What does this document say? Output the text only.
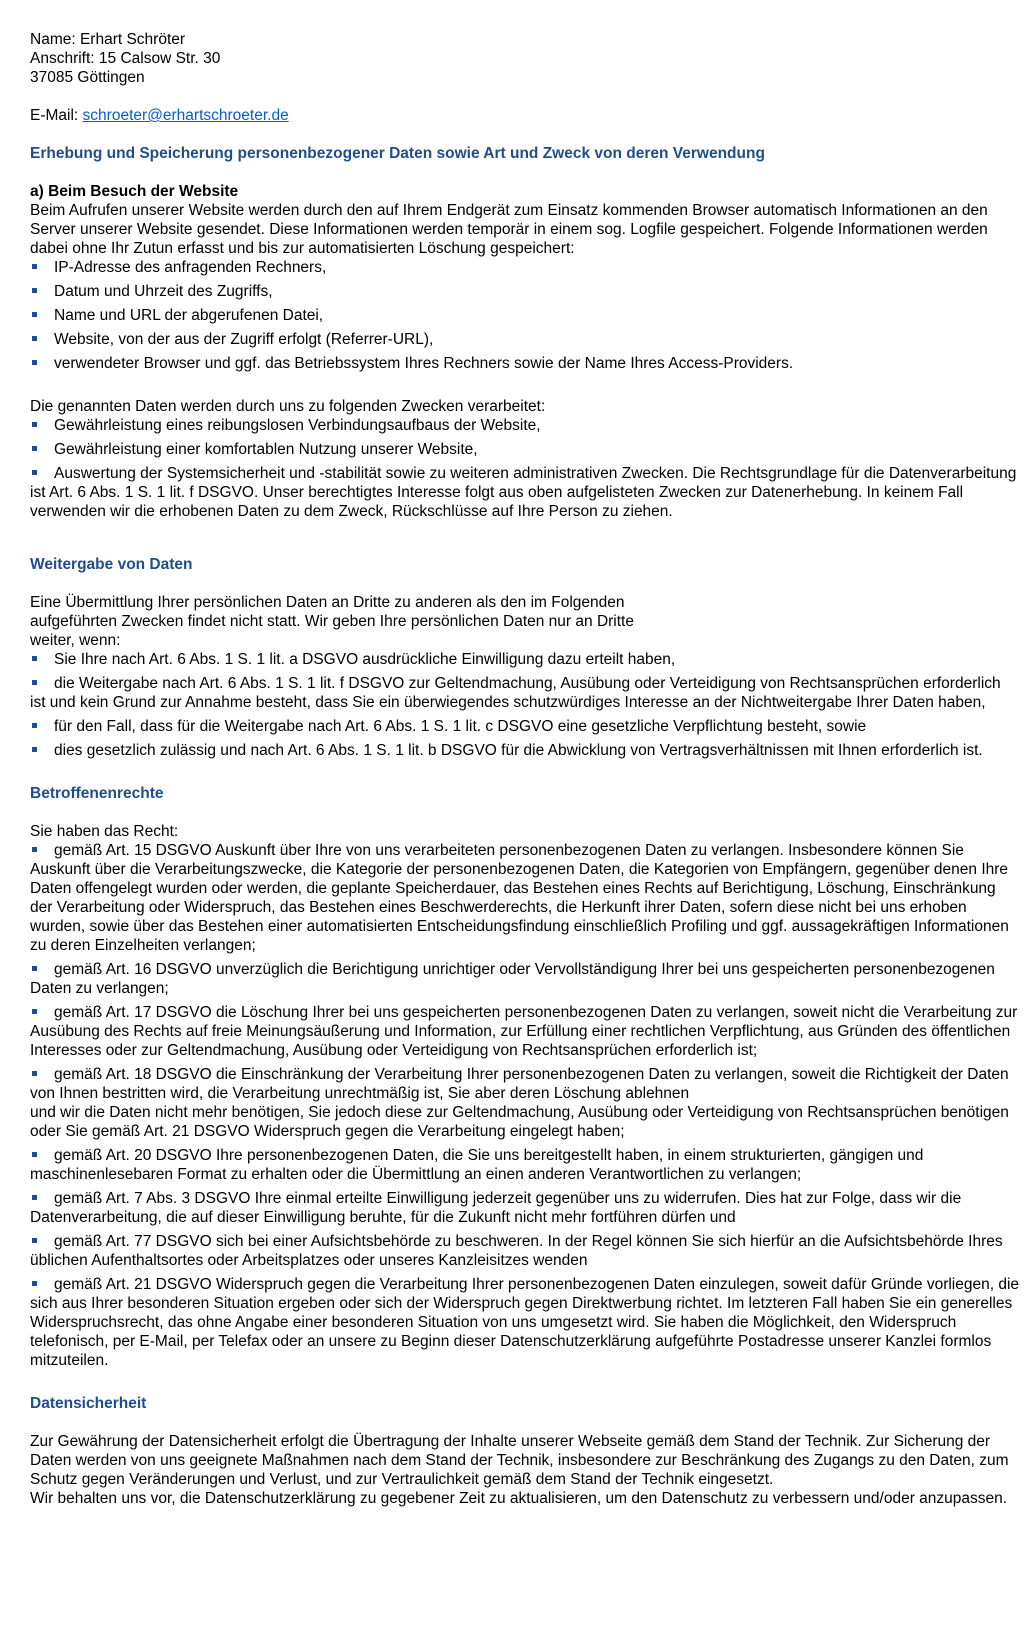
Name: Erhart Schröter

Anschrift: 15 Calsow Str. 30

37085 Göttingen

E-Mail: schroeter@erhartschroeter.de

Erhebung und Speicherung personenbezogener Daten sowie Art und Zweck von deren Verwendung

a) Beim Besuch der Website

Beim Aufrufen unserer Website werden durch den auf Ihrem Endgerät zum Einsatz kommenden Browser automatisch Informationen an den Server unserer Website gesendet. Diese Informationen werden temporär in einem sog. Logfile gespeichert. Folgende Informationen werden dabei ohne Ihr Zutun erfasst und bis zur automatisierten Löschung gespeichert:

IP-Adresse des anfragenden Rechners,
Datum und Uhrzeit des Zugriffs,
Name und URL der abgerufenen Datei,
Website, von der aus der Zugriff erfolgt (Referrer-URL),
verwendeter Browser und ggf. das Betriebssystem Ihres Rechners sowie der Name Ihres Access-Providers.

Die genannten Daten werden durch uns zu folgenden Zwecken verarbeitet:

Gewährleistung eines reibungslosen Verbindungsaufbaus der Website,
Gewährleistung einer komfortablen Nutzung unserer Website,
Auswertung der Systemsicherheit und -stabilität sowie zu weiteren administrativen Zwecken. Die Rechtsgrundlage für die Datenverarbeitung ist Art. 6 Abs. 1 S. 1 lit. f DSGVO. Unser berechtigtes Interesse folgt aus oben aufgelisteten Zwecken zur Datenerhebung. In keinem Fall verwenden wir die erhobenen Daten zu dem Zweck, Rückschlüsse auf Ihre Person zu ziehen.

Weitergabe von Daten

Eine Übermittlung Ihrer persönlichen Daten an Dritte zu anderen als den im Folgenden
aufgeführten Zwecken findet nicht statt. Wir geben Ihre persönlichen Daten nur an Dritte
weiter, wenn:

Sie Ihre nach Art. 6 Abs. 1 S. 1 lit. a DSGVO ausdrückliche Einwilligung dazu erteilt haben,
die Weitergabe nach Art. 6 Abs. 1 S. 1 lit. f DSGVO zur Geltendmachung, Ausübung oder Verteidigung von Rechtsansprüchen erforderlich ist und kein Grund zur Annahme besteht, dass Sie ein überwiegendes schutzwürdiges Interesse an der Nichtweitergabe Ihrer Daten haben,
für den Fall, dass für die Weitergabe nach Art. 6 Abs. 1 S. 1 lit. c DSGVO eine gesetzliche Verpflichtung besteht, sowie
dies gesetzlich zulässig und nach Art. 6 Abs. 1 S. 1 lit. b DSGVO für die Abwicklung von Vertragsverhältnissen mit Ihnen erforderlich ist.

Betroffenenrechte

Sie haben das Recht:

gemäß Art. 15 DSGVO Auskunft über Ihre von uns verarbeiteten personenbezogenen Daten zu verlangen. Insbesondere können Sie Auskunft über die Verarbeitungszwecke, die Kategorie der personenbezogenen Daten, die Kategorien von Empfängern, gegenüber denen Ihre Daten offengelegt wurden oder werden, die geplante Speicherdauer, das Bestehen eines Rechts auf Berichtigung, Löschung, Einschränkung der Verarbeitung oder Widerspruch, das Bestehen eines Beschwerderechts, die Herkunft ihrer Daten, sofern diese nicht bei uns erhoben wurden, sowie über das Bestehen einer automatisierten Entscheidungsfindung einschließlich Profiling und ggf. aussagekräftigen Informationen zu deren Einzelheiten verlangen;
gemäß Art. 16 DSGVO unverzüglich die Berichtigung unrichtiger oder Vervollständigung Ihrer bei uns gespeicherten personenbezogenen Daten zu verlangen;
gemäß Art. 17 DSGVO die Löschung Ihrer bei uns gespeicherten personenbezogenen Daten zu verlangen, soweit nicht die Verarbeitung zur Ausübung des Rechts auf freie Meinungsäußerung und Information, zur Erfüllung einer rechtlichen Verpflichtung, aus Gründen des öffentlichen Interesses oder zur Geltendmachung, Ausübung oder Verteidigung von Rechtsansprüchen erforderlich ist;
gemäß Art. 18 DSGVO die Einschränkung der Verarbeitung Ihrer personenbezogenen Daten zu verlangen, soweit die Richtigkeit der Daten von Ihnen bestritten wird, die Verarbeitung unrechtmäßig ist, Sie aber deren Löschung ablehnen
und wir die Daten nicht mehr benötigen, Sie jedoch diese zur Geltendmachung, Ausübung oder Verteidigung von Rechtsansprüchen benötigen oder Sie gemäß Art. 21 DSGVO Widerspruch gegen die Verarbeitung eingelegt haben;
gemäß Art. 20 DSGVO Ihre personenbezogenen Daten, die Sie uns bereitgestellt haben, in einem strukturierten, gängigen und maschinenlesebaren Format zu erhalten oder die Übermittlung an einen anderen Verantwortlichen zu verlangen;
gemäß Art. 7 Abs. 3 DSGVO Ihre einmal erteilte Einwilligung jederzeit gegenüber uns zu widerrufen. Dies hat zur Folge, dass wir die Datenverarbeitung, die auf dieser Einwilligung beruhte, für die Zukunft nicht mehr fortführen dürfen und
gemäß Art. 77 DSGVO sich bei einer Aufsichtsbehörde zu beschweren. In der Regel können Sie sich hierfür an die Aufsichtsbehörde Ihres üblichen Aufenthaltsortes oder Arbeitsplatzes oder unseres Kanzleisitzes wenden
gemäß Art. 21 DSGVO Widerspruch gegen die Verarbeitung Ihrer personenbezogenen Daten einzulegen, soweit dafür Gründe vorliegen, die sich aus Ihrer besonderen Situation ergeben oder sich der Widerspruch gegen Direktwerbung richtet. Im letzteren Fall haben Sie ein generelles Widerspruchsrecht, das ohne Angabe einer besonderen Situation von uns umgesetzt wird. Sie haben die Möglichkeit, den Widerspruch telefonisch, per E-Mail, per Telefax oder an unsere zu Beginn dieser Datenschutzerklärung aufgeführte Postadresse unserer Kanzlei formlos mitzuteilen.

Datensicherheit

Zur Gewährung der Datensicherheit erfolgt die Übertragung der Inhalte unserer Webseite gemäß dem Stand der Technik. Zur Sicherung der Daten werden von uns geeignete Maßnahmen nach dem Stand der Technik, insbesondere zur Beschränkung des Zugangs zu den Daten, zum Schutz gegen Veränderungen und Verlust, und zur Vertraulichkeit gemäß dem Stand der Technik eingesetzt.
Wir behalten uns vor, die Datenschutzerklärung zu gegebener Zeit zu aktualisieren, um den Datenschutz zu verbessern und/oder anzupassen.
